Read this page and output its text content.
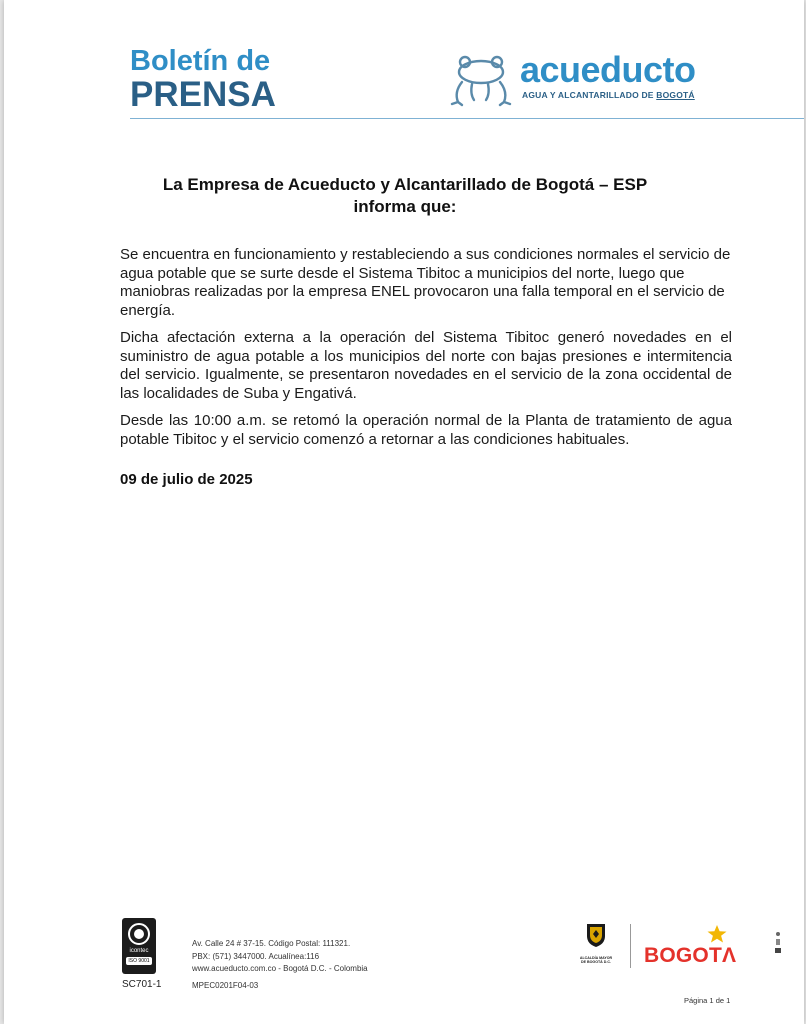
Boletín de
PRENSA
acueducto
AGUA Y ALCANTARILLADO DE BOGOTÁ
La Empresa de Acueducto y Alcantarillado de Bogotá – ESP
informa que:

Se encuentra en funcionamiento y restableciendo a sus condiciones normales el servicio de agua potable que se surte desde el Sistema Tibitoc a municipios del norte, luego que maniobras realizadas por la empresa ENEL provocaron una falla temporal en el servicio de energía.

Dicha afectación externa a la operación del Sistema Tibitoc generó novedades en el suministro de agua potable a los municipios del norte con bajas presiones e intermitencia del servicio. Igualmente, se presentaron novedades en el servicio de la zona occidental de las localidades de Suba y Engativá.

Desde las 10:00 a.m. se retomó la operación normal de la Planta de tratamiento de agua potable Tibitoc y el servicio comenzó a retornar a las condiciones habituales.

09 de julio de 2025
icontec
ISO 9001
SC701-1
Av. Calle 24 # 37-15. Código Postal: 111321.
PBX: (571) 3447000. Acualínea:116
www.acueducto.com.co - Bogotá D.C. - Colombia
MPEC0201F04-03
ALCALDÍA MAYOR
DE BOGOTÁ D.C. BOGOTΛ
Página 1 de 1
